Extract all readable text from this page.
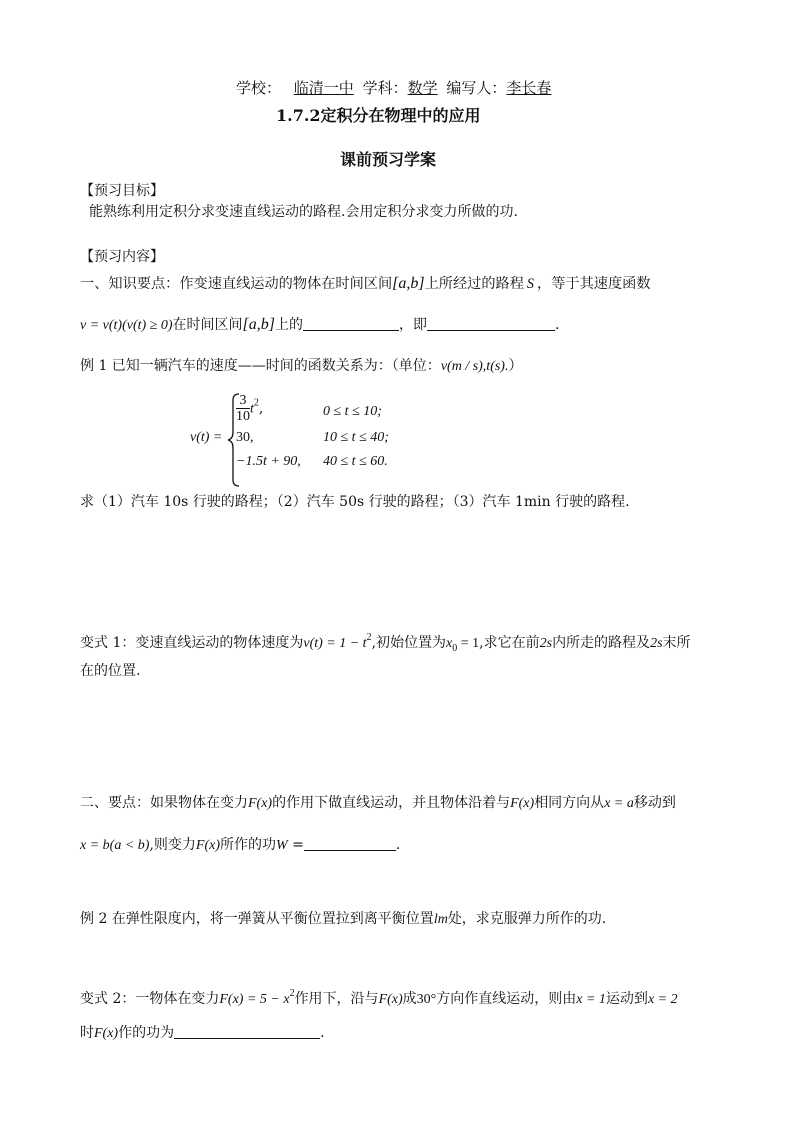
学校： 临清一中 学科：数学 编写人：李长春
1.7.2定积分在物理中的应用
课前预习学案
【预习目标】
能熟练利用定积分求变速直线运动的路程.会用定积分求变力所做的功.
【预习内容】
一、知识要点：作变速直线运动的物体在时间区间[a,b]上所经过的路程 S ，等于其速度函数
v = v(t)(v(t) ≥ 0)在时间区间[a,b]上的	，即	.
例 1 已知一辆汽车的速度——时间的函数关系为：（单位：v(m / s),t(s).）
v(t) =
$\frac{3}{10} t^2$,	0 ≤ t ≤ 10;
30,	10 ≤ t ≤ 40;
−1.5t + 90, 40 ≤ t ≤ 60.
求（1）汽车 10s 行驶的路程；（2）汽车 50s 行驶的路程；（3）汽车 1min 行驶的路程.
变式 1：变速直线运动的物体速度为$v(t) = 1 - t^2$,初始位置为$x_0 = 1$,求它在前2s内所走的路程及2s末所
在的位置.
二、要点：如果物体在变力F(x)的作用下做直线运动，并且物体沿着与F(x)相同方向从x = a移动到
x = b(a < b),则变力F(x)所作的功W =	.
例 2 在弹性限度内，将一弹簧从平衡位置拉到离平衡位置lm处，求克服弹力所作的功.
变式 2：一物体在变力$F(x) = 5 - x^2$作用下，沿与F(x)成30°方向作直线运动，则由x = 1运动到x = 2
时F(x)作的功为	.
